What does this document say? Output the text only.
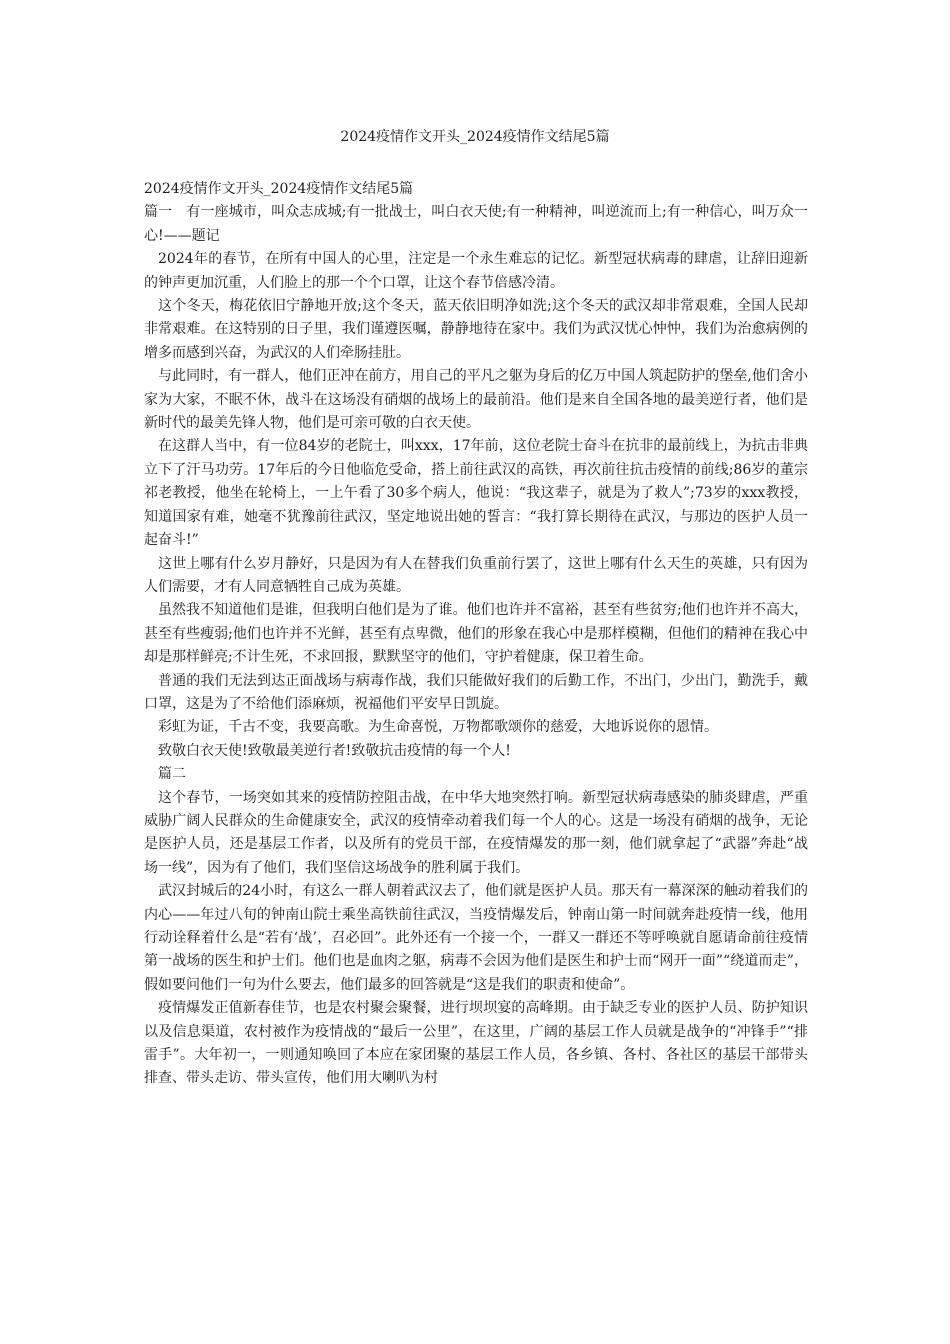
2024疫情作文开头_2024疫情作文结尾5篇

2024疫情作文开头_2024疫情作文结尾5篇

篇一　有一座城市，叫众志成城;有一批战士，叫白衣天使;有一种精神，叫逆流而上;有一种信心，叫万众一心!——题记

2024年的春节，在所有中国人的心里，注定是一个永生难忘的记忆。新型冠状病毒的肆虐，让辞旧迎新的钟声更加沉重，人们脸上的那一个个口罩，让这个春节倍感冷清。

这个冬天，梅花依旧宁静地开放;这个冬天，蓝天依旧明净如洗;这个冬天的武汉却非常艰难，全国人民却非常艰难。在这特别的日子里，我们谨遵医嘱，静静地待在家中。我们为武汉忧心忡忡，我们为治愈病例的增多而感到兴奋，为武汉的人们牵肠挂肚。

与此同时，有一群人，他们正冲在前方，用自己的平凡之躯为身后的亿万中国人筑起防护的堡垒,他们舍小家为大家，不眠不休，战斗在这场没有硝烟的战场上的最前沿。他们是来自全国各地的最美逆行者，他们是新时代的最美先锋人物，他们是可亲可敬的白衣天使。

在这群人当中，有一位84岁的老院士，叫xxx，17年前，这位老院士奋斗在抗非的最前线上，为抗击非典立下了汗马功劳。17年后的今日他临危受命，搭上前往武汉的高铁，再次前往抗击疫情的前线;86岁的董宗祁老教授，他坐在轮椅上，一上午看了30多个病人，他说：“我这辈子，就是为了救人”;73岁的xxx教授，知道国家有难，她毫不犹豫前往武汉，坚定地说出她的誓言：“我打算长期待在武汉，与那边的医护人员一起奋斗!”

这世上哪有什么岁月静好，只是因为有人在替我们负重前行罢了，这世上哪有什么天生的英雄，只有因为人们需要，才有人同意牺牲自己成为英雄。

虽然我不知道他们是谁，但我明白他们是为了谁。他们也许并不富裕，甚至有些贫穷;他们也许并不高大，甚至有些瘦弱;他们也许并不光鲜，甚至有点卑微，他们的形象在我心中是那样模糊，但他们的精神在我心中却是那样鲜亮;不计生死，不求回报，默默坚守的他们，守护着健康，保卫着生命。

普通的我们无法到达正面战场与病毒作战，我们只能做好我们的后勤工作，不出门，少出门，勤洗手，戴口罩，这是为了不给他们添麻烦，祝福他们平安早日凯旋。

彩虹为证，千古不变，我要高歌。为生命喜悦，万物都歌颂你的慈爱，大地诉说你的恩情。

致敬白衣天使!致敬最美逆行者!致敬抗击疫情的每一个人!

篇二

这个春节，一场突如其来的疫情防控阻击战，在中华大地突然打响。新型冠状病毒感染的肺炎肆虐，严重威胁广阔人民群众的生命健康安全，武汉的疫情牵动着我们每一个人的心。这是一场没有硝烟的战争，无论是医护人员，还是基层工作者，以及所有的党员干部，在疫情爆发的那一刻，他们就拿起了“武器”奔赴“战场一线”，因为有了他们，我们坚信这场战争的胜利属于我们。

武汉封城后的24小时，有这么一群人朝着武汉去了，他们就是医护人员。那天有一幕深深的触动着我们的内心——年过八旬的钟南山院士乘坐高铁前往武汉，当疫情爆发后，钟南山第一时间就奔赴疫情一线，他用行动诠释着什么是“若有‘战’，召必回”。此外还有一个接一个，一群又一群还不等呼唤就自愿请命前往疫情第一战场的医生和护士们。他们也是血肉之躯，病毒不会因为他们是医生和护士而“网开一面”“绕道而走”，假如要问他们一句为什么要去，他们最多的回答就是“这是我们的职责和使命”。

疫情爆发正值新春佳节，也是农村聚会聚餐，进行坝坝宴的高峰期。由于缺乏专业的医护人员、防护知识以及信息渠道，农村被作为疫情战的“最后一公里”，在这里，广阔的基层工作人员就是战争的“冲锋手”“排雷手”。大年初一，一则通知唤回了本应在家团聚的基层工作人员，各乡镇、各村、各社区的基层干部带头排查、带头走访、带头宣传，他们用大喇叭为村
